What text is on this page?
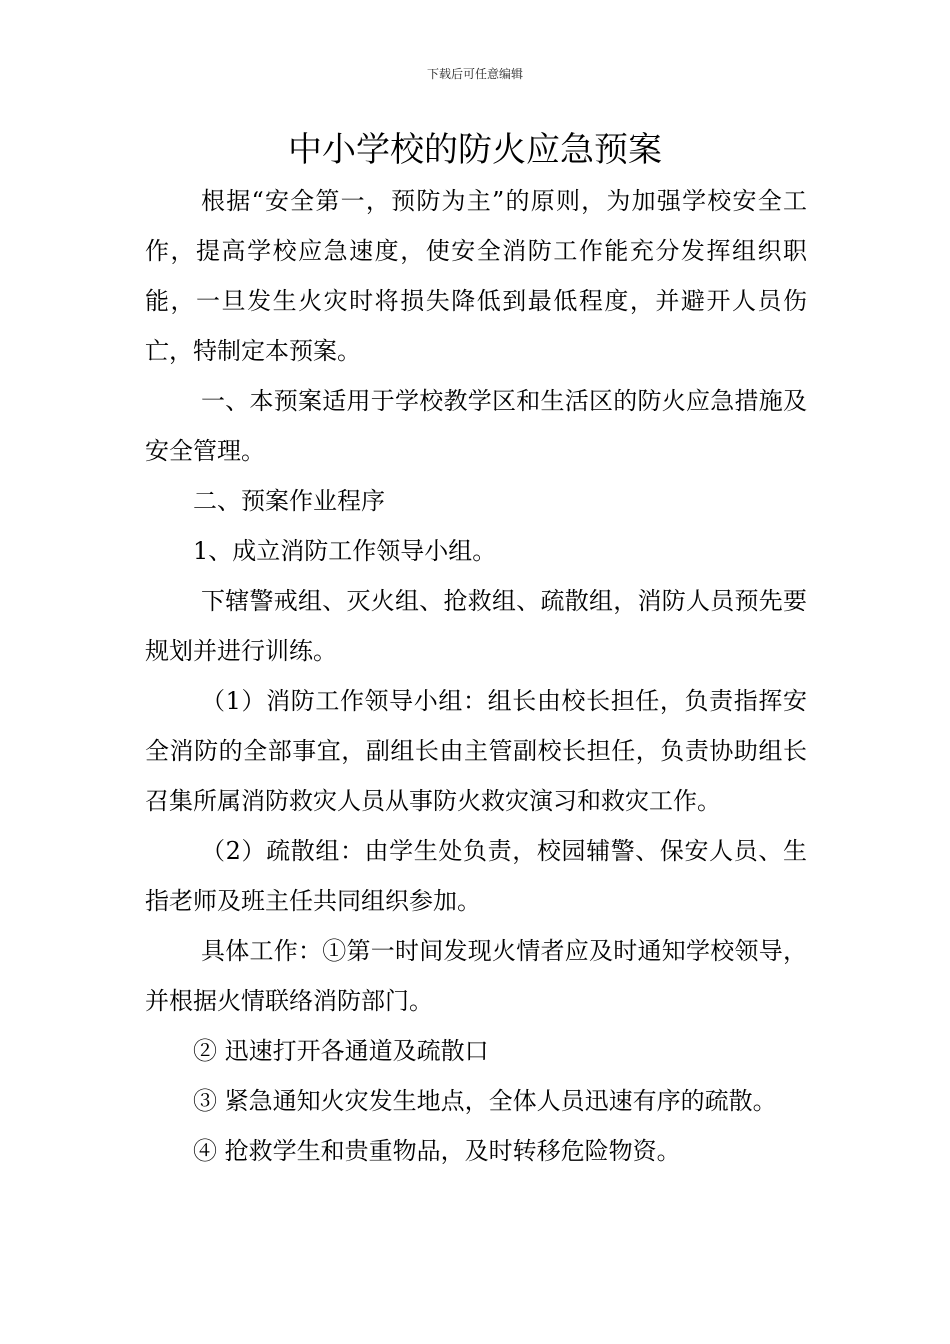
下载后可任意编辑
中小学校的防火应急预案

根据“安全第一，预防为主”的原则，为加强学校安全工作，提高学校应急速度，使安全消防工作能充分发挥组织职能，一旦发生火灾时将损失降低到最低程度，并避开人员伤亡，特制定本预案。

一、本预案适用于学校教学区和生活区的防火应急措施及安全管理。

二、预案作业程序

1、成立消防工作领导小组。

下辖警戒组、灭火组、抢救组、疏散组，消防人员预先要规划并进行训练。

（1）消防工作领导小组：组长由校长担任，负责指挥安全消防的全部事宜，副组长由主管副校长担任，负责协助组长召集所属消防救灾人员从事防火救灾演习和救灾工作。

（2）疏散组：由学生处负责，校园辅警、保安人员、生指老师及班主任共同组织参加。

具体工作：①第一时间发现火情者应及时通知学校领导，并根据火情联络消防部门。

② 迅速打开各通道及疏散口

③ 紧急通知火灾发生地点，全体人员迅速有序的疏散。

④ 抢救学生和贵重物品，及时转移危险物资。
